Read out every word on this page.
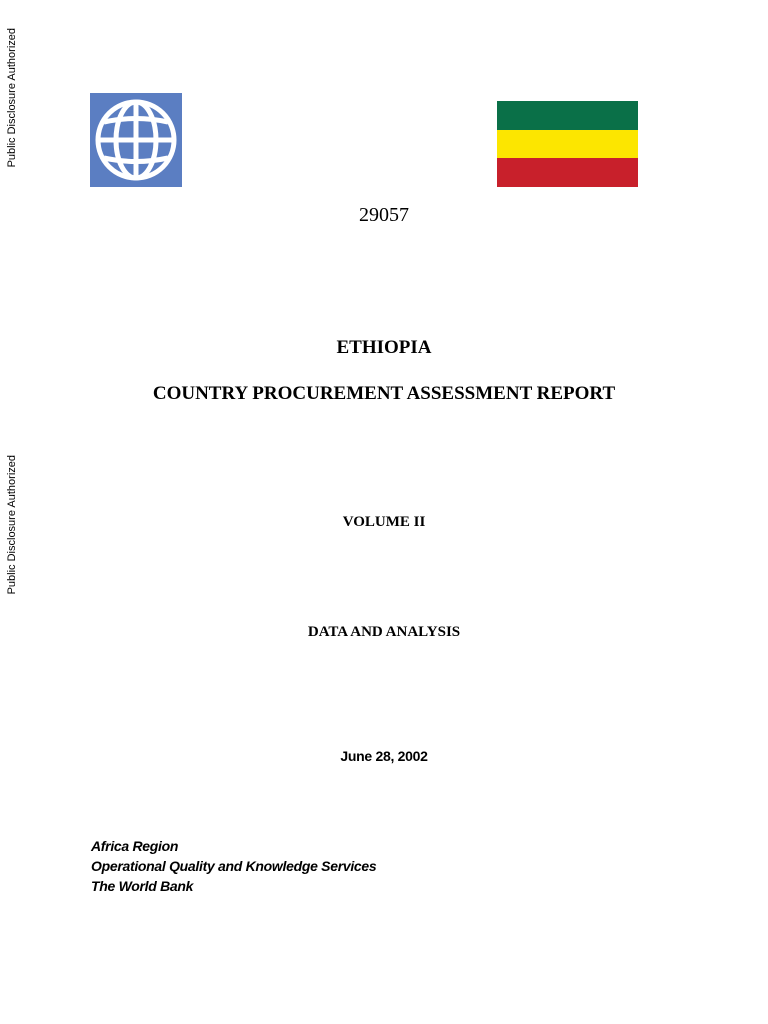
Public Disclosure Authorized
Public Disclosure Authorized
29057
ETHIOPIA
COUNTRY PROCUREMENT ASSESSMENT REPORT
VOLUME II
DATA AND ANALYSIS
June 28, 2002
Africa Region
Operational Quality and Knowledge Services
The World Bank
